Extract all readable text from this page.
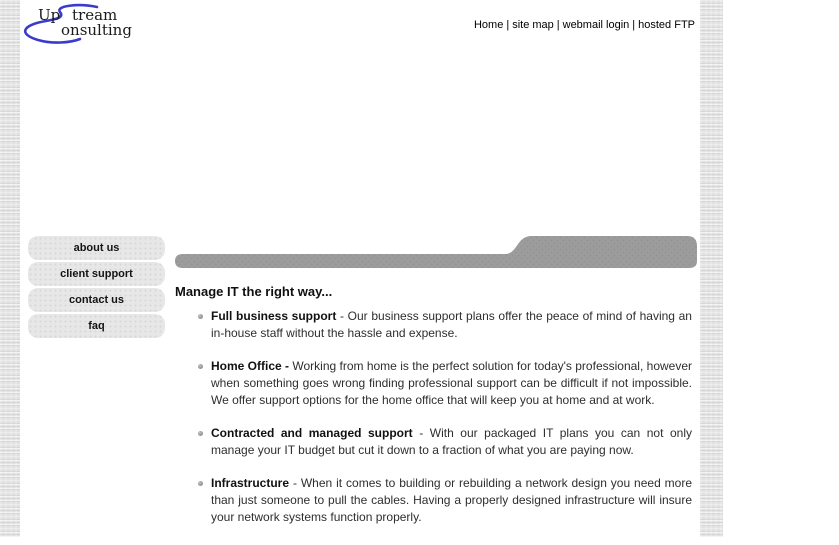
Up tream
onsulting	Home | site map | webmail login | hosted FTP
about us
client support
contact us
faq
home
Manage IT the right way...
Full business support - Our business support plans offer the peace of mind of having an in-house staff without the hassle and expense.
Home Office - Working from home is the perfect solution for today's professional, however when something goes wrong finding professional support can be difficult if not impossible. We offer support options for the home office that will keep you at home and at work.
Contracted and managed support - With our packaged IT plans you can not only manage your IT budget but cut it down to a fraction of what you are paying now.
Infrastructure - When it comes to building or rebuilding a network design you need more than just someone to pull the cables. Having a properly designed infrastructure will insure your network systems function properly.
